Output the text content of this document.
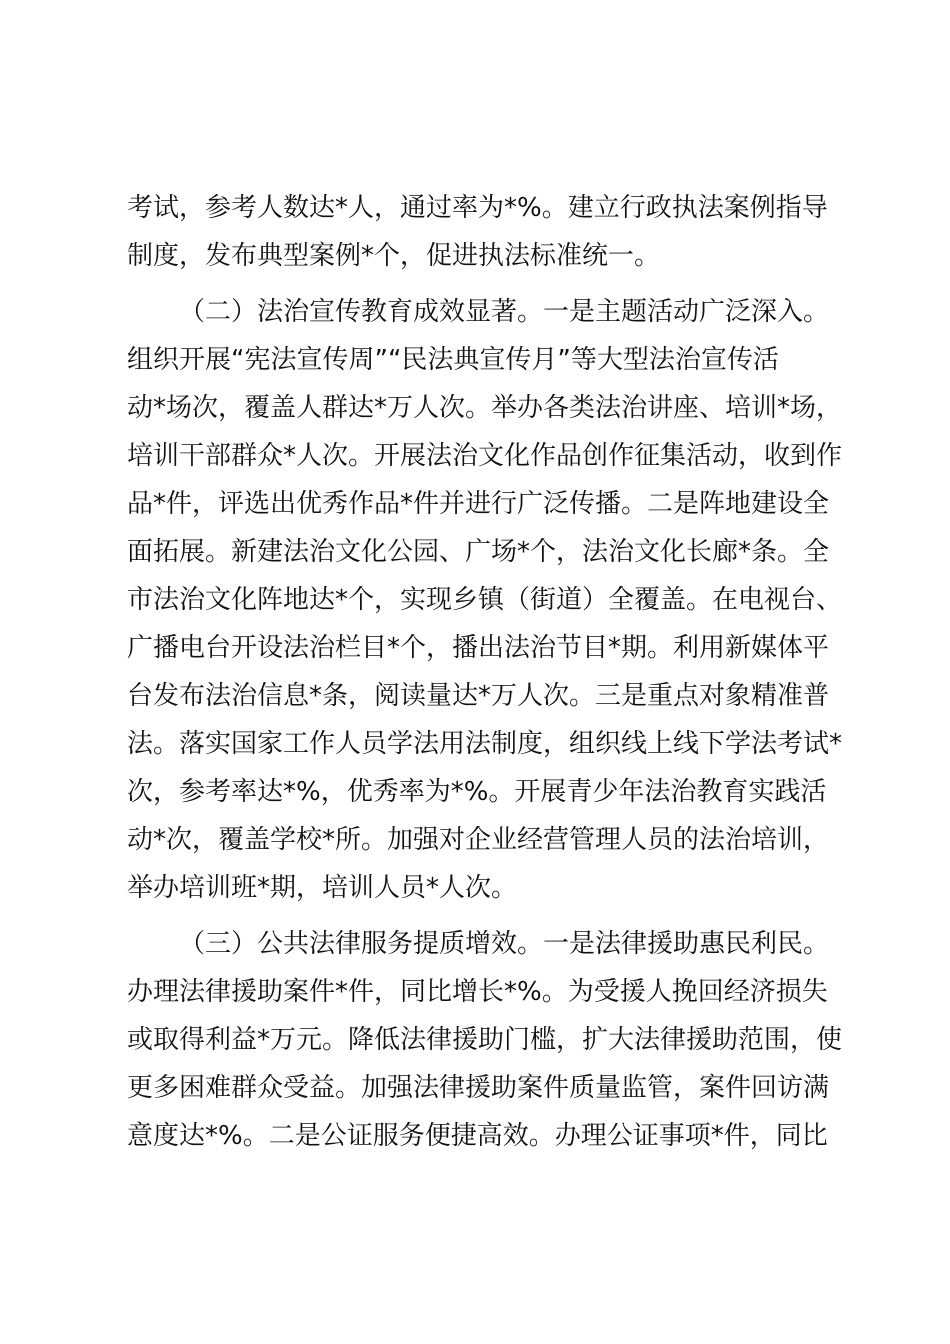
考试，参考人数达*人，通过率为*%。建立行政执法案例指导
制度，发布典型案例*个，促进执法标准统一。
（二）法治宣传教育成效显著。一是主题活动广泛深入。
组织开展“宪法宣传周”“民法典宣传月”等大型法治宣传活
动*场次，覆盖人群达*万人次。举办各类法治讲座、培训*场，
培训干部群众*人次。开展法治文化作品创作征集活动，收到作
品*件，评选出优秀作品*件并进行广泛传播。二是阵地建设全
面拓展。新建法治文化公园、广场*个，法治文化长廊*条。全
市法治文化阵地达*个，实现乡镇（街道）全覆盖。在电视台、
广播电台开设法治栏目*个，播出法治节目*期。利用新媒体平
台发布法治信息*条，阅读量达*万人次。三是重点对象精准普
法。落实国家工作人员学法用法制度，组织线上线下学法考试*
次，参考率达*%，优秀率为*%。开展青少年法治教育实践活
动*次，覆盖学校*所。加强对企业经营管理人员的法治培训，
举办培训班*期，培训人员*人次。
（三）公共法律服务提质增效。一是法律援助惠民利民。
办理法律援助案件*件，同比增长*%。为受援人挽回经济损失
或取得利益*万元。降低法律援助门槛，扩大法律援助范围，使
更多困难群众受益。加强法律援助案件质量监管，案件回访满
意度达*%。二是公证服务便捷高效。办理公证事项*件，同比
